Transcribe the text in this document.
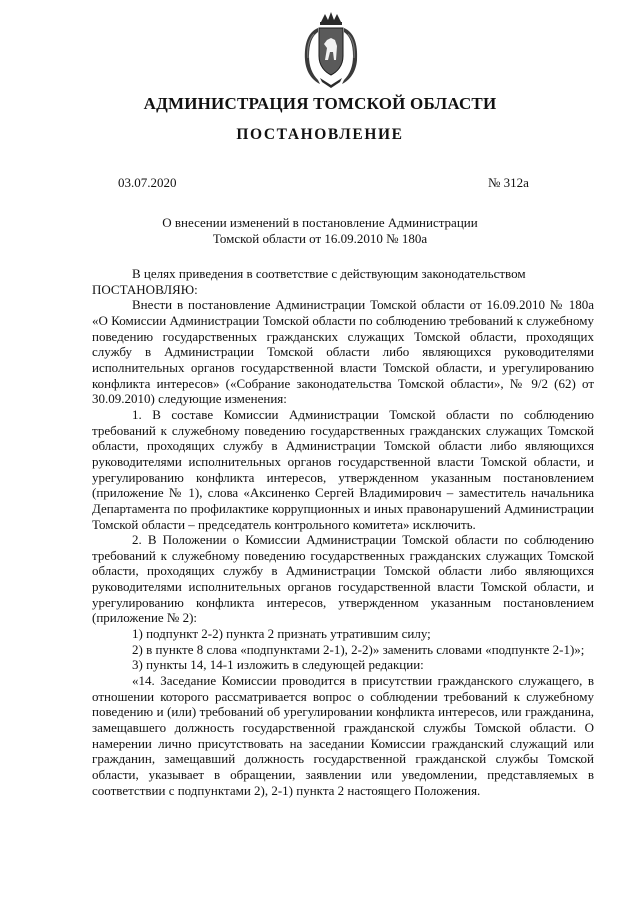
АДМИНИСТРАЦИЯ ТОМСКОЙ ОБЛАСТИ
ПОСТАНОВЛЕНИЕ
03.07.2020	№ 312а
О внесении изменений в постановление Администрации
Томской области от 16.09.2010 № 180а

В целях приведения в соответствие с действующим законодательством

ПОСТАНОВЛЯЮ:

Внести в постановление Администрации Томской области от 16.09.2010 № 180а «О Комиссии Администрации Томской области по соблюдению требований к служебному поведению государственных гражданских служащих Томской области, проходящих службу в Администрации Томской области либо являющихся руководителями исполнительных органов государственной власти Томской области, и урегулированию конфликта интересов» («Собрание законодательства Томской области», № 9/2 (62) от 30.09.2010) следующие изменения:

1. В составе Комиссии Администрации Томской области по соблюдению требований к служебному поведению государственных гражданских служащих Томской области, проходящих службу в Администрации Томской области либо являющихся руководителями исполнительных органов государственной власти Томской области, и урегулированию конфликта интересов, утвержденном указанным постановлением (приложение № 1), слова «Аксиненко Сергей Владимирович – заместитель начальника Департамента по профилактике коррупционных и иных правонарушений Администрации Томской области – председатель контрольного комитета» исключить.

2. В Положении о Комиссии Администрации Томской области по соблюдению требований к служебному поведению государственных гражданских служащих Томской области, проходящих службу в Администрации Томской области либо являющихся руководителями исполнительных органов государственной власти Томской области, и урегулированию конфликта интересов, утвержденном указанным постановлением (приложение № 2):

1) подпункт 2-2) пункта 2 признать утратившим силу;

2) в пункте 8 слова «подпунктами 2-1), 2-2)» заменить словами «подпункте 2-1)»;

3) пункты 14, 14-1 изложить в следующей редакции:

«14. Заседание Комиссии проводится в присутствии гражданского служащего, в отношении которого рассматривается вопрос о соблюдении требований к служебному поведению и (или) требований об урегулировании конфликта интересов, или гражданина, замещавшего должность государственной гражданской службы Томской области. О намерении лично присутствовать на заседании Комиссии гражданский служащий или гражданин, замещавший должность государственной гражданской службы Томской области, указывает в обращении, заявлении или уведомлении, представляемых в соответствии с подпунктами 2), 2-1) пункта 2 настоящего Положения.
